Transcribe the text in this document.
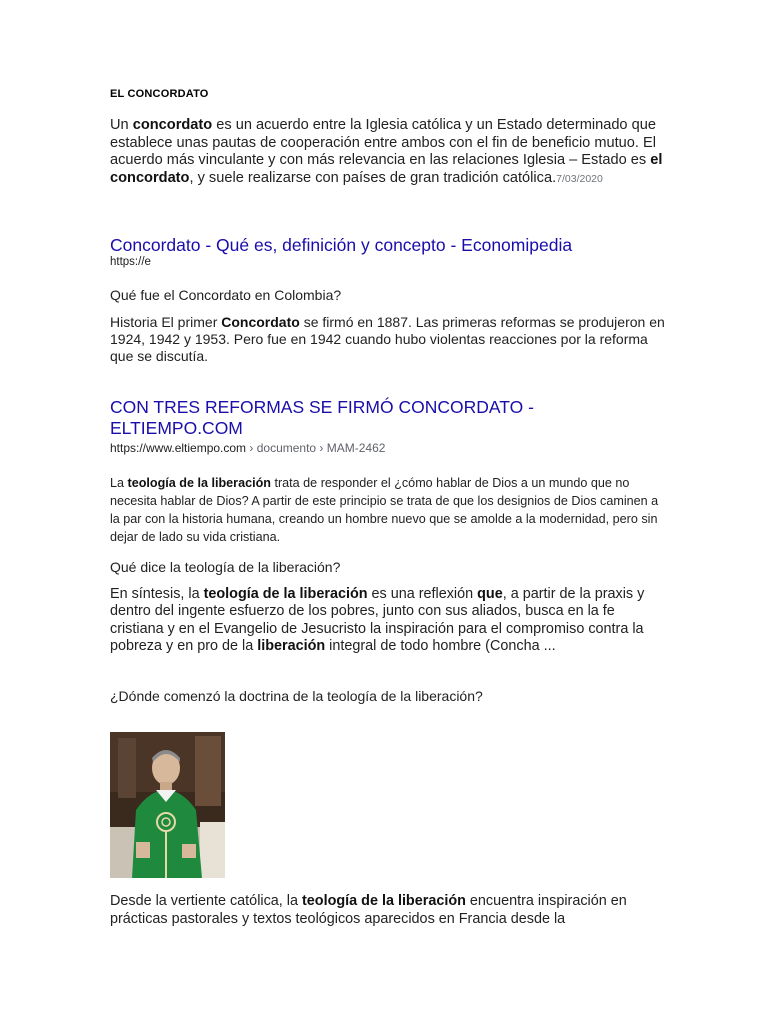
EL CONCORDATO
Un concordato es un acuerdo entre la Iglesia católica y un Estado determinado que establece unas pautas de cooperación entre ambos con el fin de beneficio mutuo. El acuerdo más vinculante y con más relevancia en las relaciones Iglesia – Estado es el concordato, y suele realizarse con países de gran tradición católica.7/03/2020
Concordato - Qué es, definición y concepto - Economipedia
https://e
Qué fue el Concordato en Colombia?
Historia El primer Concordato se firmó en 1887. Las primeras reformas se produjeron en 1924, 1942 y 1953. Pero fue en 1942 cuando hubo violentas reacciones por la reforma que se discutía.
CON TRES REFORMAS SE FIRMÓ CONCORDATO -
ELTIEMPO.COM
https://www.eltiempo.com › documento › MAM-2462
La teología de la liberación trata de responder el ¿cómo hablar de Dios a un mundo que no necesita hablar de Dios? A partir de este principio se trata de que los designios de Dios caminen a la par con la historia humana, creando un hombre nuevo que se amolde a la modernidad, pero sin dejar de lado su vida cristiana.
Qué dice la teología de la liberación?
En síntesis, la teología de la liberación es una reflexión que, a partir de la praxis y dentro del ingente esfuerzo de los pobres, junto con sus aliados, busca en la fe cristiana y en el Evangelio de Jesucristo la inspiración para el compromiso contra la pobreza y en pro de la liberación integral de todo hombre (Concha ...
¿Dónde comenzó la doctrina de la teología de la liberación?
Desde la vertiente católica, la teología de la liberación encuentra inspiración en prácticas pastorales y textos teológicos aparecidos en Francia desde la
